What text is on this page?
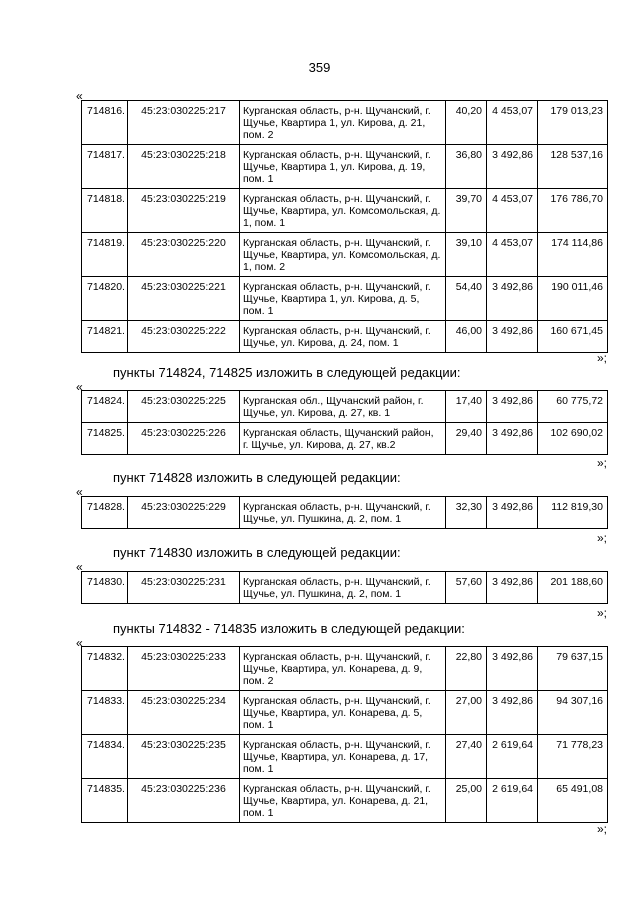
359
«
714816.	45:23:030225:217	Курганская область, р-н. Щучанский, г. Щучье, Квартира 1, ул. Кирова, д. 21, пом. 2	40,20	4 453,07	179 013,23
714817.	45:23:030225:218	Курганская область, р-н. Щучанский, г. Щучье, Квартира 1, ул. Кирова, д. 19, пом. 1	36,80	3 492,86	128 537,16
714818.	45:23:030225:219	Курганская область, р-н. Щучанский, г. Щучье, Квартира, ул. Комсомольская, д. 1, пом. 1	39,70	4 453,07	176 786,70
714819.	45:23:030225:220	Курганская область, р-н. Щучанский, г. Щучье, Квартира, ул. Комсомольская, д. 1, пом. 2	39,10	4 453,07	174 114,86
714820.	45:23:030225:221	Курганская область, р-н. Щучанский, г. Щучье, Квартира 1, ул. Кирова, д. 5, пом. 1	54,40	3 492,86	190 011,46
714821.	45:23:030225:222	Курганская область, р-н. Щучанский, г. Щучье, ул. Кирова, д. 24, пом. 1	46,00	3 492,86	160 671,45
»;
пункты 714824, 714825 изложить в следующей редакции:
«
714824.	45:23:030225:225	Курганская обл., Щучанский район, г. Щучье, ул. Кирова, д. 27, кв. 1	17,40	3 492,86	60 775,72
714825.	45:23:030225:226	Курганская область, Щучанский район, г. Щучье, ул. Кирова, д. 27, кв.2	29,40	3 492,86	102 690,02
»;
пункт 714828 изложить в следующей редакции:
«
714828.	45:23:030225:229	Курганская область, р-н. Щучанский, г. Щучье, ул. Пушкина, д. 2, пом. 1	32,30	3 492,86	112 819,30
»;
пункт 714830 изложить в следующей редакции:
«
714830.	45:23:030225:231	Курганская область, р-н. Щучанский, г. Щучье, ул. Пушкина, д. 2, пом. 1	57,60	3 492,86	201 188,60
»;
пункты 714832 - 714835 изложить в следующей редакции:
«
714832.	45:23:030225:233	Курганская область, р-н. Щучанский, г. Щучье, Квартира, ул. Конарева, д. 9, пом. 2	22,80	3 492,86	79 637,15
714833.	45:23:030225:234	Курганская область, р-н. Щучанский, г. Щучье, Квартира, ул. Конарева, д. 5, пом. 1	27,00	3 492,86	94 307,16
714834.	45:23:030225:235	Курганская область, р-н. Щучанский, г. Щучье, Квартира, ул. Конарева, д. 17, пом. 1	27,40	2 619,64	71 778,23
714835.	45:23:030225:236	Курганская область, р-н. Щучанский, г. Щучье, Квартира, ул. Конарева, д. 21, пом. 1	25,00	2 619,64	65 491,08
»;
